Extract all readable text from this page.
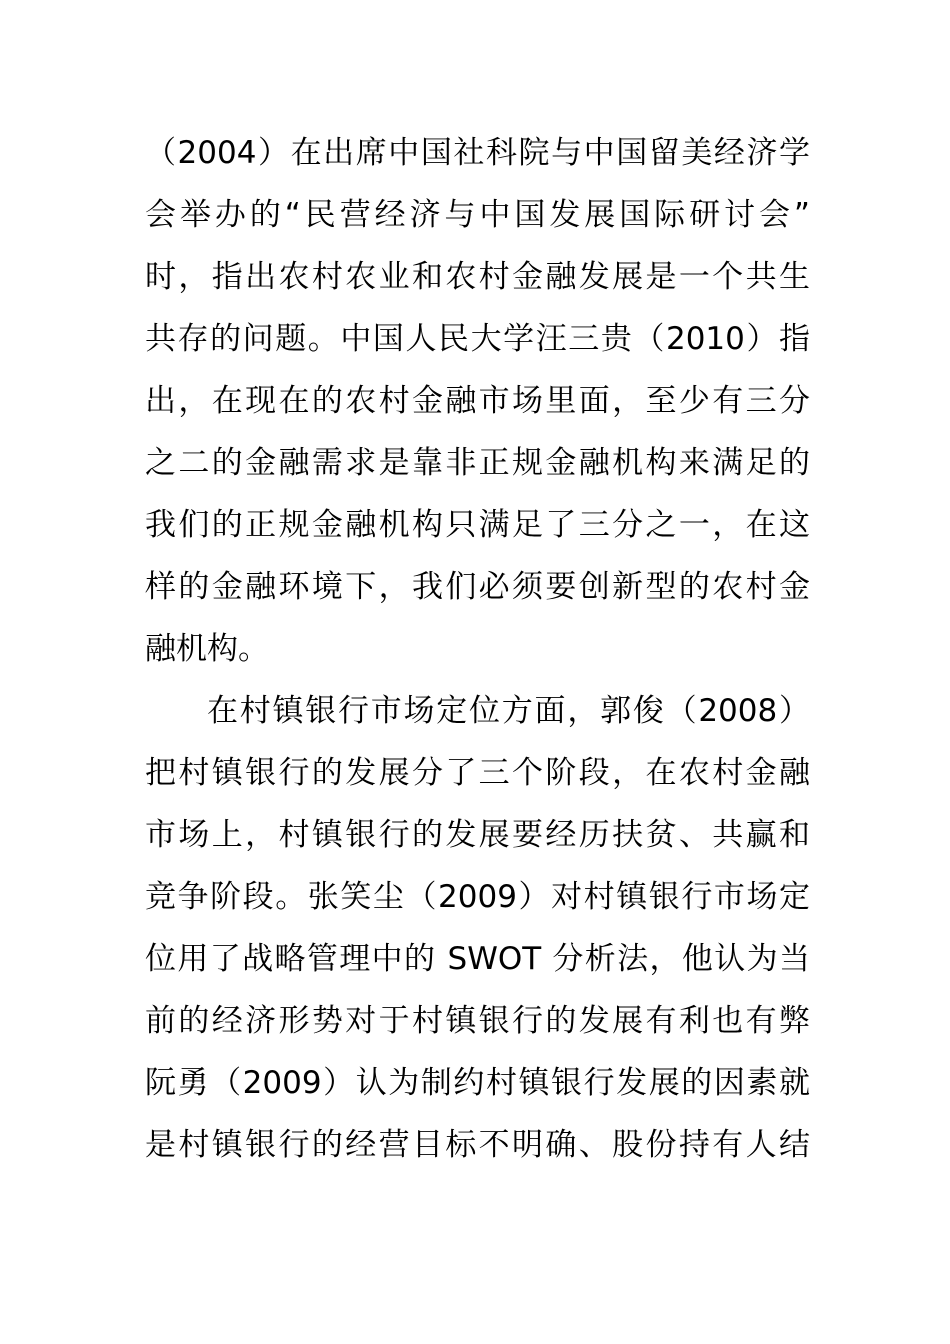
（2004）在出席中国社科院与中国留美经济学
会举办的“民营经济与中国发展国际研讨会”
时，指出农村农业和农村金融发展是一个共生
共存的问题。中国人民大学汪三贵（2010）指
出，在现在的农村金融市场里面，至少有三分
之二的金融需求是靠非正规金融机构来满足的
我们的正规金融机构只满足了三分之一，在这
样的金融环境下，我们必须要创新型的农村金
融机构。
在村镇银行市场定位方面，郭俊（2008）
把村镇银行的发展分了三个阶段，在农村金融
市场上，村镇银行的发展要经历扶贫、共赢和
竞争阶段。张笑尘（2009）对村镇银行市场定
位用了战略管理中的 SWOT 分析法，他认为当
前的经济形势对于村镇银行的发展有利也有弊
阮勇（2009）认为制约村镇银行发展的因素就
是村镇银行的经营目标不明确、股份持有人结
